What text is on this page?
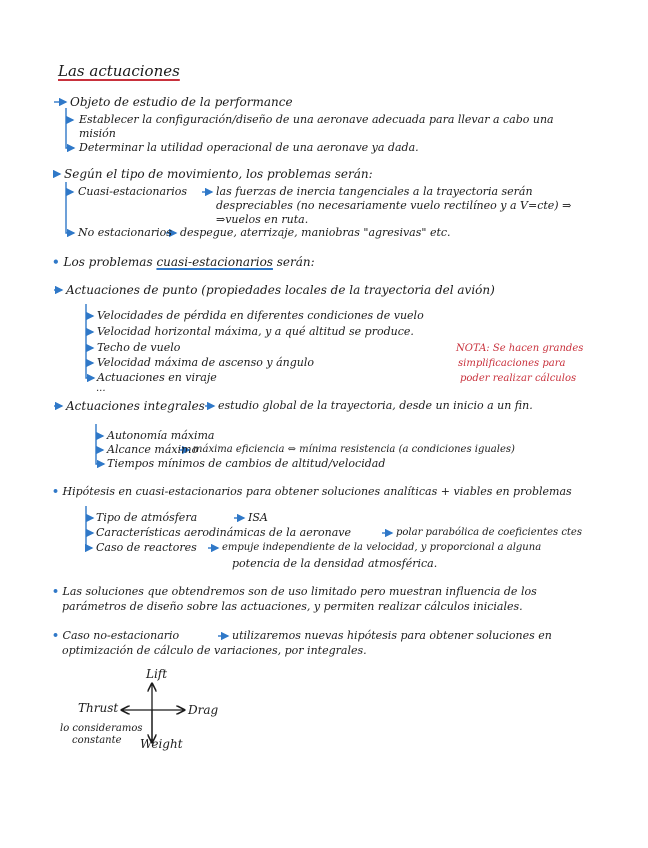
Las actuaciones
Objeto de estudio de la performance
Establecer la configuración/diseño de una aeronave adecuada para llevar a cabo una
misión
Determinar la utilidad operacional de una aeronave ya dada.
Según el tipo de movimiento, los problemas serán:
Cuasi-estacionarios	las fuerzas de inercia tangenciales a la trayectoria serán
despreciables (no necesariamente vuelo rectilíneo y a V=cte) ⇒
⇒vuelos en ruta.
No estacionarios despegue, aterrizaje, maniobras "agresivas" etc.
• Los problemas cuasi-estacionarios serán:
Actuaciones de punto (propiedades locales de la trayectoria del avión)
Velocidades de pérdida en diferentes condiciones de vuelo
Velocidad horizontal máxima, y a qué altitud se produce.
Techo de vuelo
Velocidad máxima de ascenso y ángulo
Actuaciones en viraje
...
NOTA: Se hacen grandes
simplificaciones para
poder realizar cálculos
Actuaciones integrales estudio global de la trayectoria, desde un inicio a un fin.
Autonomía máxima
Alcance máximo
máxima eficiencia ⇔ mínima resistencia (a condiciones iguales)
Tiempos mínimos de cambios de altitud/velocidad
• Hipótesis en cuasi-estacionarios para obtener soluciones analíticas + viables en problemas
Tipo de atmósfera	ISA
Características aerodinámicas de la aeronave	polar parabólica de coeficientes ctes
Caso de reactores	empuje independiente de la velocidad, y proporcional a alguna
potencia de la densidad atmosférica.
• Las soluciones que obtendremos son de uso limitado pero muestran influencia de los
parámetros de diseño sobre las actuaciones, y permiten realizar cálculos iniciales.
• Caso no-estacionario	utilizaremos nuevas hipótesis para obtener soluciones en
optimización de cálculo de variaciones, por integrales.
Lift
Drag
Thrust
Weight
lo consideramos
constante
